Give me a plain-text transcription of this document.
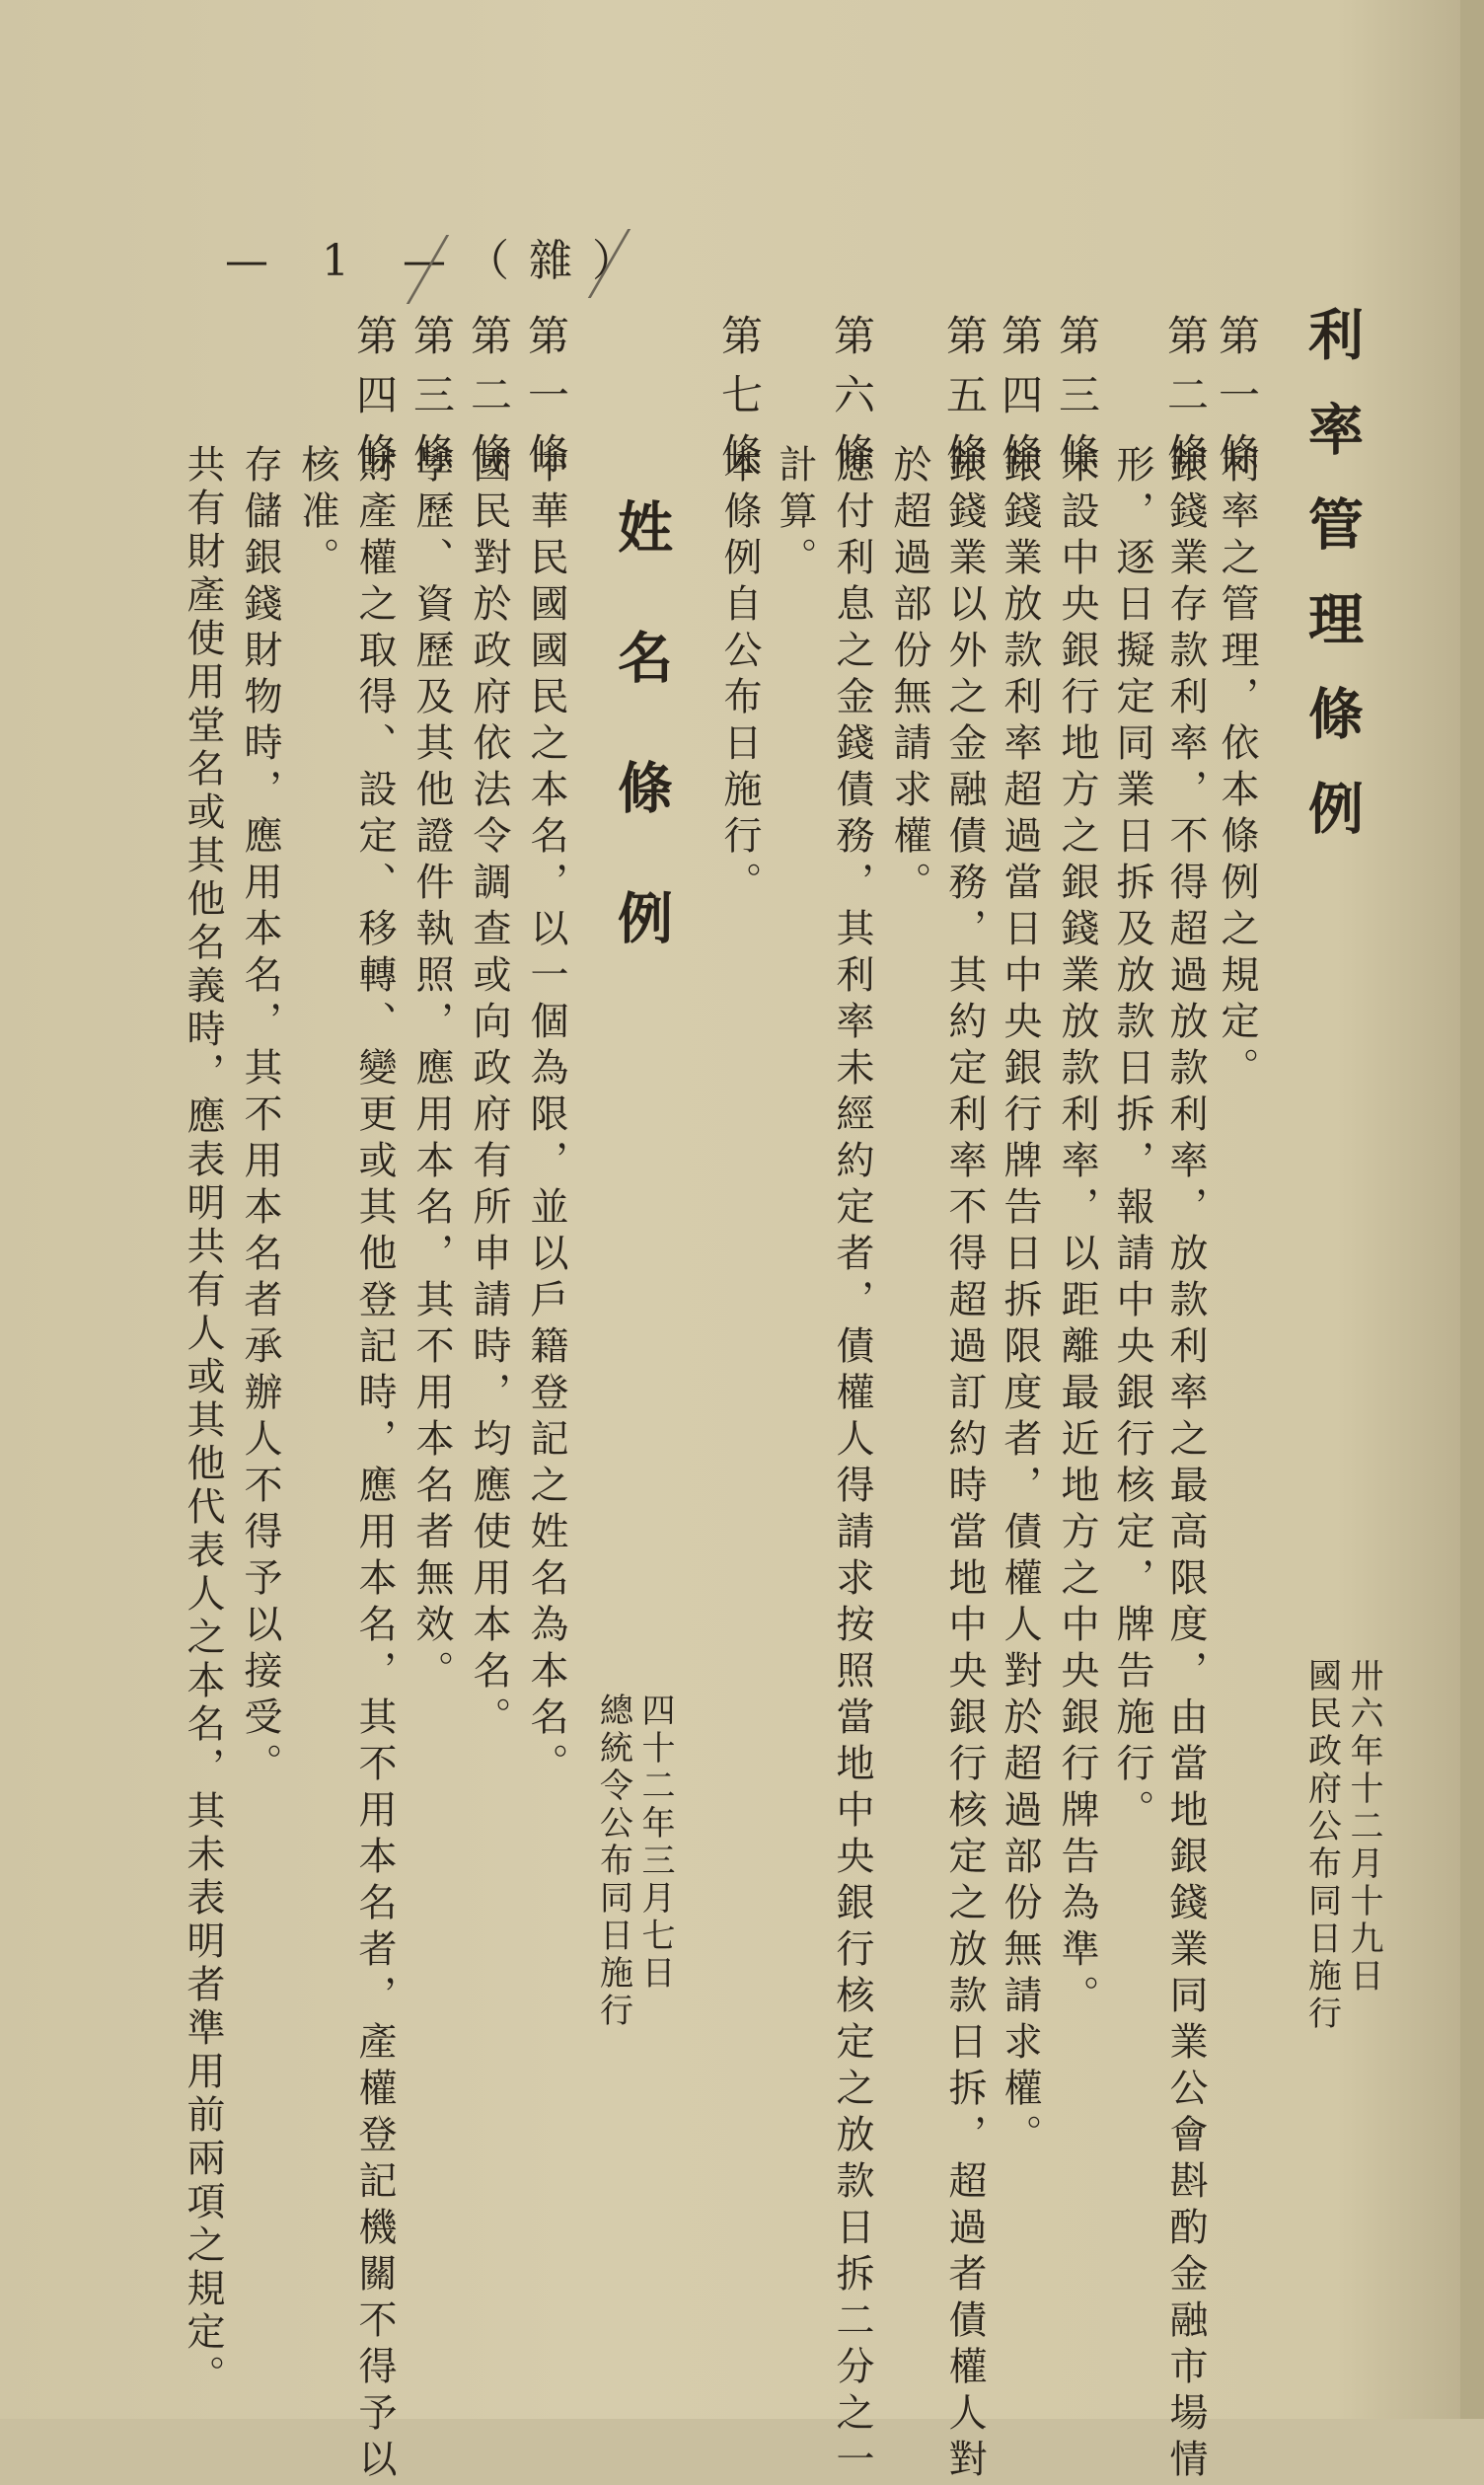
利率管理條例
卅六年十二月十九日
國民政府公布同日施行
第一條
利率之管理，依本條例之規定。
第二條
銀錢業存款利率，不得超過放款利率，放款利率之最高限度，由當地銀錢業同業公會斟酌金融市場情
形，逐日擬定同業日拆及放款日拆，報請中央銀行核定，牌告施行。
第三條
未設中央銀行地方之銀錢業放款利率，以距離最近地方之中央銀行牌告為準。
第四條
銀錢業放款利率超過當日中央銀行牌告日拆限度者，債權人對於超過部份無請求權。
第五條
銀錢業以外之金融債務，其約定利率不得超過訂約時當地中央銀行核定之放款日拆，超過者債權人對
於超過部份無請求權。
第六條
應付利息之金錢債務，其利率未經約定者，債權人得請求按照當地中央銀行核定之放款日拆二分之一
計算。
第七條
本條例自公布日施行。
姓名條例
四十二年三月七日
總統令公布同日施行
第一條
中華民國國民之本名，以一個為限，並以戶籍登記之姓名為本名。
第二條
國民對於政府依法令調查或向政府有所申請時，均應使用本名。
第三條
學歷、資歷及其他證件執照，應用本名，其不用本名者無效。
第四條
財產權之取得、設定、移轉、變更或其他登記時，應用本名，其不用本名者，產權登記機關不得予以
核准。
存儲銀錢財物時，應用本名，其不用本名者承辦人不得予以接受。
共有財產使用堂名或其他名義時，應表明共有人或其他代表人之本名，其未表明者準用前兩項之規定。
— 1 —（雜）
